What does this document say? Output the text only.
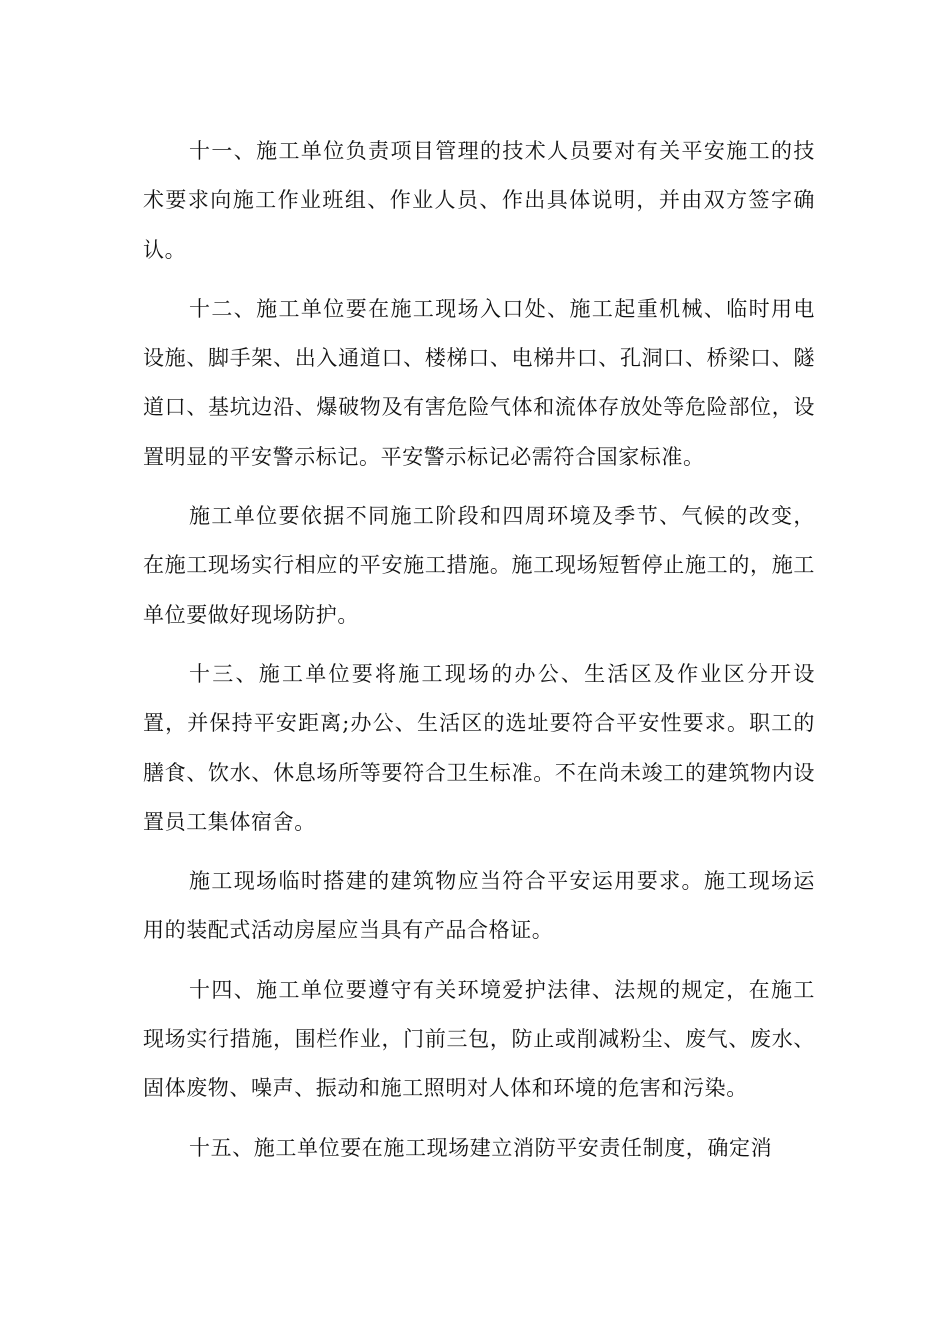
十一、施工单位负责项目管理的技术人员要对有关平安施工的技术要求向施工作业班组、作业人员、作出具体说明，并由双方签字确认。

十二、施工单位要在施工现场入口处、施工起重机械、临时用电设施、脚手架、出入通道口、楼梯口、电梯井口、孔洞口、桥梁口、隧道口、基坑边沿、爆破物及有害危险气体和流体存放处等危险部位，设置明显的平安警示标记。平安警示标记必需符合国家标准。

施工单位要依据不同施工阶段和四周环境及季节、气候的改变，在施工现场实行相应的平安施工措施。施工现场短暂停止施工的，施工单位要做好现场防护。

十三、施工单位要将施工现场的办公、生活区及作业区分开设置，并保持平安距离;办公、生活区的选址要符合平安性要求。职工的膳食、饮水、休息场所等要符合卫生标准。不在尚未竣工的建筑物内设置员工集体宿舍。

施工现场临时搭建的建筑物应当符合平安运用要求。施工现场运用的装配式活动房屋应当具有产品合格证。

十四、施工单位要遵守有关环境爱护法律、法规的规定，在施工现场实行措施，围栏作业，门前三包，防止或削减粉尘、废气、废水、固体废物、噪声、振动和施工照明对人体和环境的危害和污染。

十五、施工单位要在施工现场建立消防平安责任制度，确定消
